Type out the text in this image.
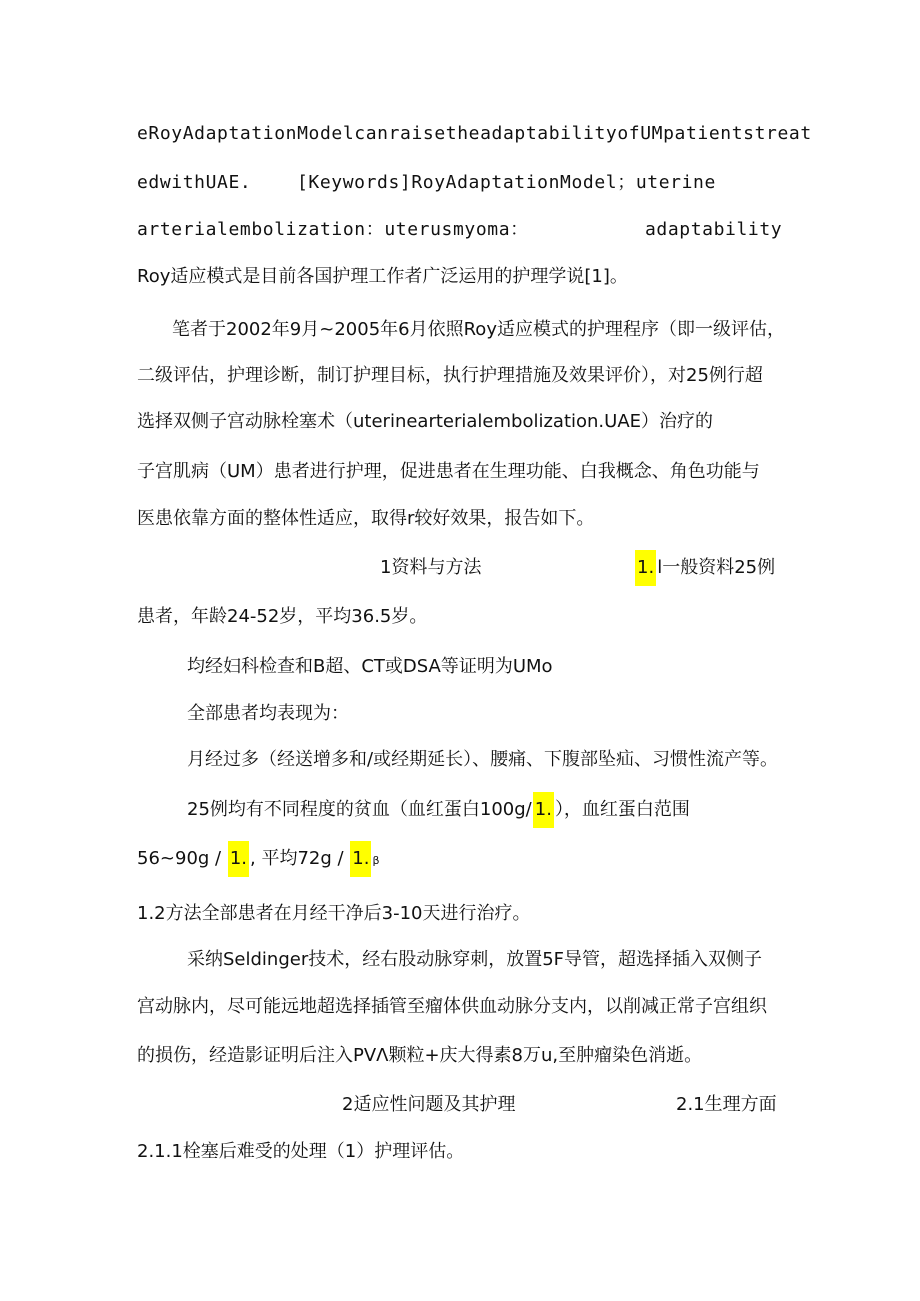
eRoyAdaptationModelcanraisetheadaptabilityofUMpatientstreat
edwithUAE.	[Keywords]RoyAdaptationModel；uterine
arterialembolization：uterusmyoma：	adaptability
Roy适应模式是目前各国护理工作者广泛运用的护理学说[1]。
笔者于2002年9月~2005年6月依照Roy适应模式的护理程序（即一级评估，
二级评估，护理诊断，制订护理目标，执行护理措施及效果评价），对25例行超
选择双侧子宫动脉栓塞术（uterinearterialembolization.UAE）治疗的
子宫肌病（UM）患者进行护理，促进患者在生理功能、白我概念、角色功能与
医患依靠方面的整体性适应，取得r较好效果，报告如下。
1资料与方法	1. l一般资料25例
患者，年龄24-52岁，平均36.5岁。
均经妇科检查和B超、CT或DSA等证明为UMo
全部患者均表现为：
月经过多（经送增多和/或经期延长）、腰痛、下腹部坠疝、习惯性流产等。
25例均有不同程度的贫血（血红蛋白100g/ 1. ），血红蛋白范围
56~90g / 1. , 平均72g / 1. β
1.2方法全部患者在月经干净后3-10天进行治疗。
采纳Seldinger技术，经右股动脉穿刺，放置5F导管，超选择插入双侧子
宫动脉内，尽可能远地超选择插管至瘤体供血动脉分支内，以削减正常子宫组织
的损伤，经造影证明后注入PVΛ颗粒+庆大得素8万u,至肿瘤染色消逝。
2适应性问题及其护理	2.1生理方面
2.1.1栓塞后难受的处理（1）护理评估。
